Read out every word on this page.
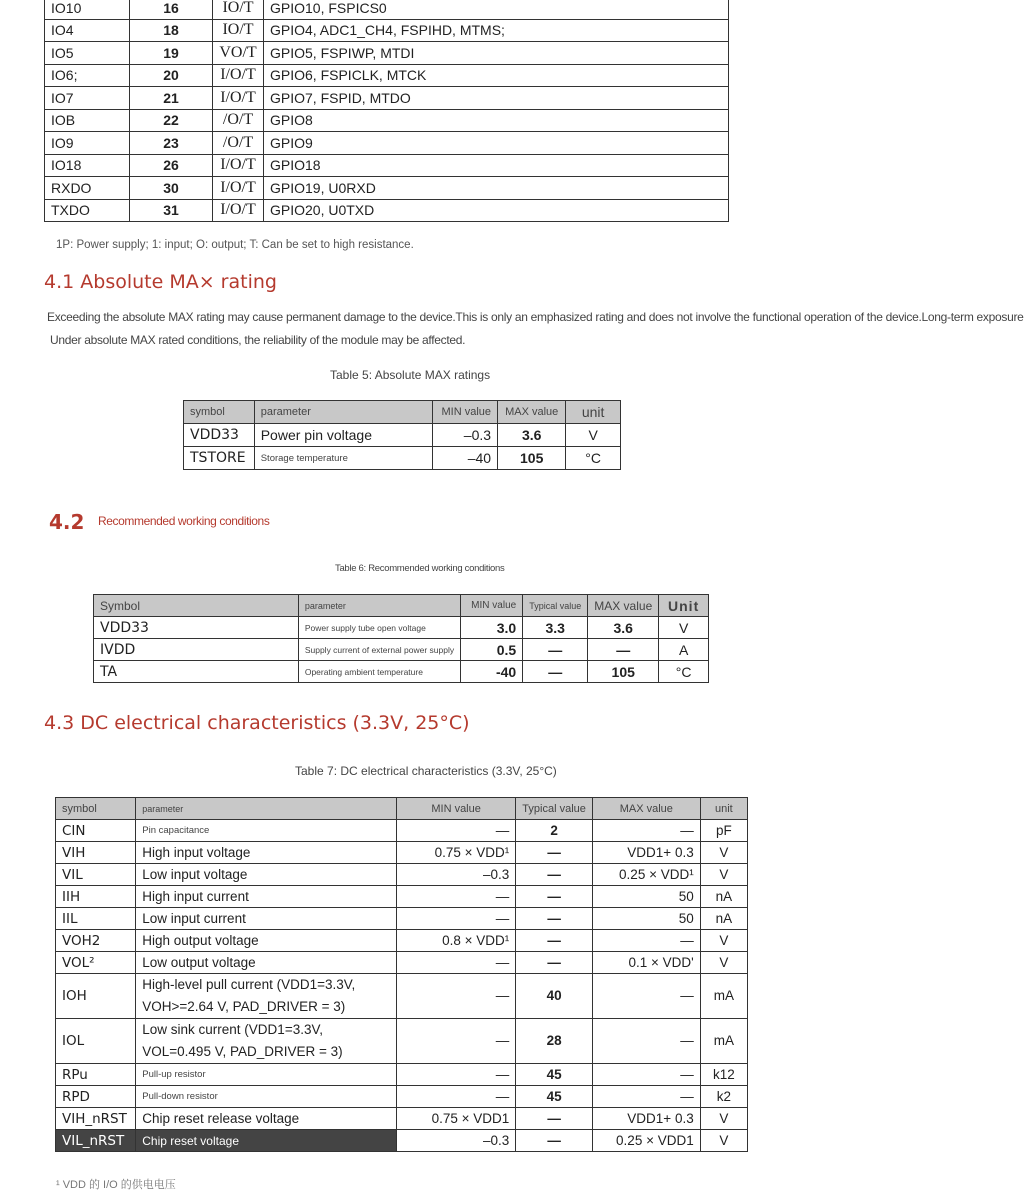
IO10	16	IO/T	GPIO10, FSPICS0
IO4	18	IO/T	GPIO4, ADC1_CH4, FSPIHD, MTMS;
IO5	19	VO/T	GPIO5, FSPIWP, MTDI
IO6;	20	I/O/T	GPIO6, FSPICLK, MTCK
IO7	21	I/O/T	GPIO7, FSPID, MTDO
IOB	22	/O/T	GPIO8
IO9	23	/O/T	GPIO9
IO18	26	I/O/T	GPIO18
RXDO	30	I/O/T	GPIO19, U0RXD
TXDO	31	I/O/T	GPIO20, U0TXD
1P: Power supply; 1: input; O: output; T: Can be set to high resistance.
4.1 Absolute MA× rating
Exceeding the absolute MAX rating may cause permanent damage to the device.This is only an emphasized rating and does not involve the functional operation of the device.Long-term exposure
Under absolute MAX rated conditions, the reliability of the module may be affected.
Table 5: Absolute MAX ratings
symbol	parameter	MIN value	MAX value	unit
VDD33	Power pin voltage	–0.3	3.6	V
TSTORE	Storage temperature	–40	105	°C
4.2 Recommended working conditions
Table 6: Recommended working conditions
Symbol	parameter	MIN value	Typical value	MAX value	Unit
VDD33	Power supply tube open voltage	3.0	3.3	3.6	V
IVDD	Supply current of external power supply	0.5	—	—	A
TA	Operating ambient temperature	-40	—	105	°C
4.3 DC electrical characteristics (3.3V, 25°C)
Table 7: DC electrical characteristics (3.3V, 25°C)
symbol	parameter	MIN value	Typical value	MAX value	unit
CIN	Pin capacitance	—	2	—	pF
VIH	High input voltage	0.75 × VDD¹	—	VDD1+ 0.3	V
VIL	Low input voltage	–0.3	—	0.25 × VDD¹	V
IIH	High input current	—	—	50	nA
IIL	Low input current	—	—	50	nA
VOH2	High output voltage	0.8 × VDD¹	—	—	V
VOL²	Low output voltage	—	—	0.1 × VDD'	V
IOH	High-level pull current (VDD1=3.3V, VOH>=2.64 V, PAD_DRIVER = 3)	—	40	—	mA
IOL	Low sink current (VDD1=3.3V, VOL=0.495 V, PAD_DRIVER = 3)	—	28	—	mA
RPu	Pull-up resistor	—	45	—	k12
RPD	Pull-down resistor	—	45	—	k2
VIH_nRST	Chip reset release voltage	0.75 × VDD1	—	VDD1+ 0.3	V
VIL_nRST	Chip reset voltage	–0.3	—	0.25 × VDD1	V
¹ VDD 的 I/O 的供电电压
